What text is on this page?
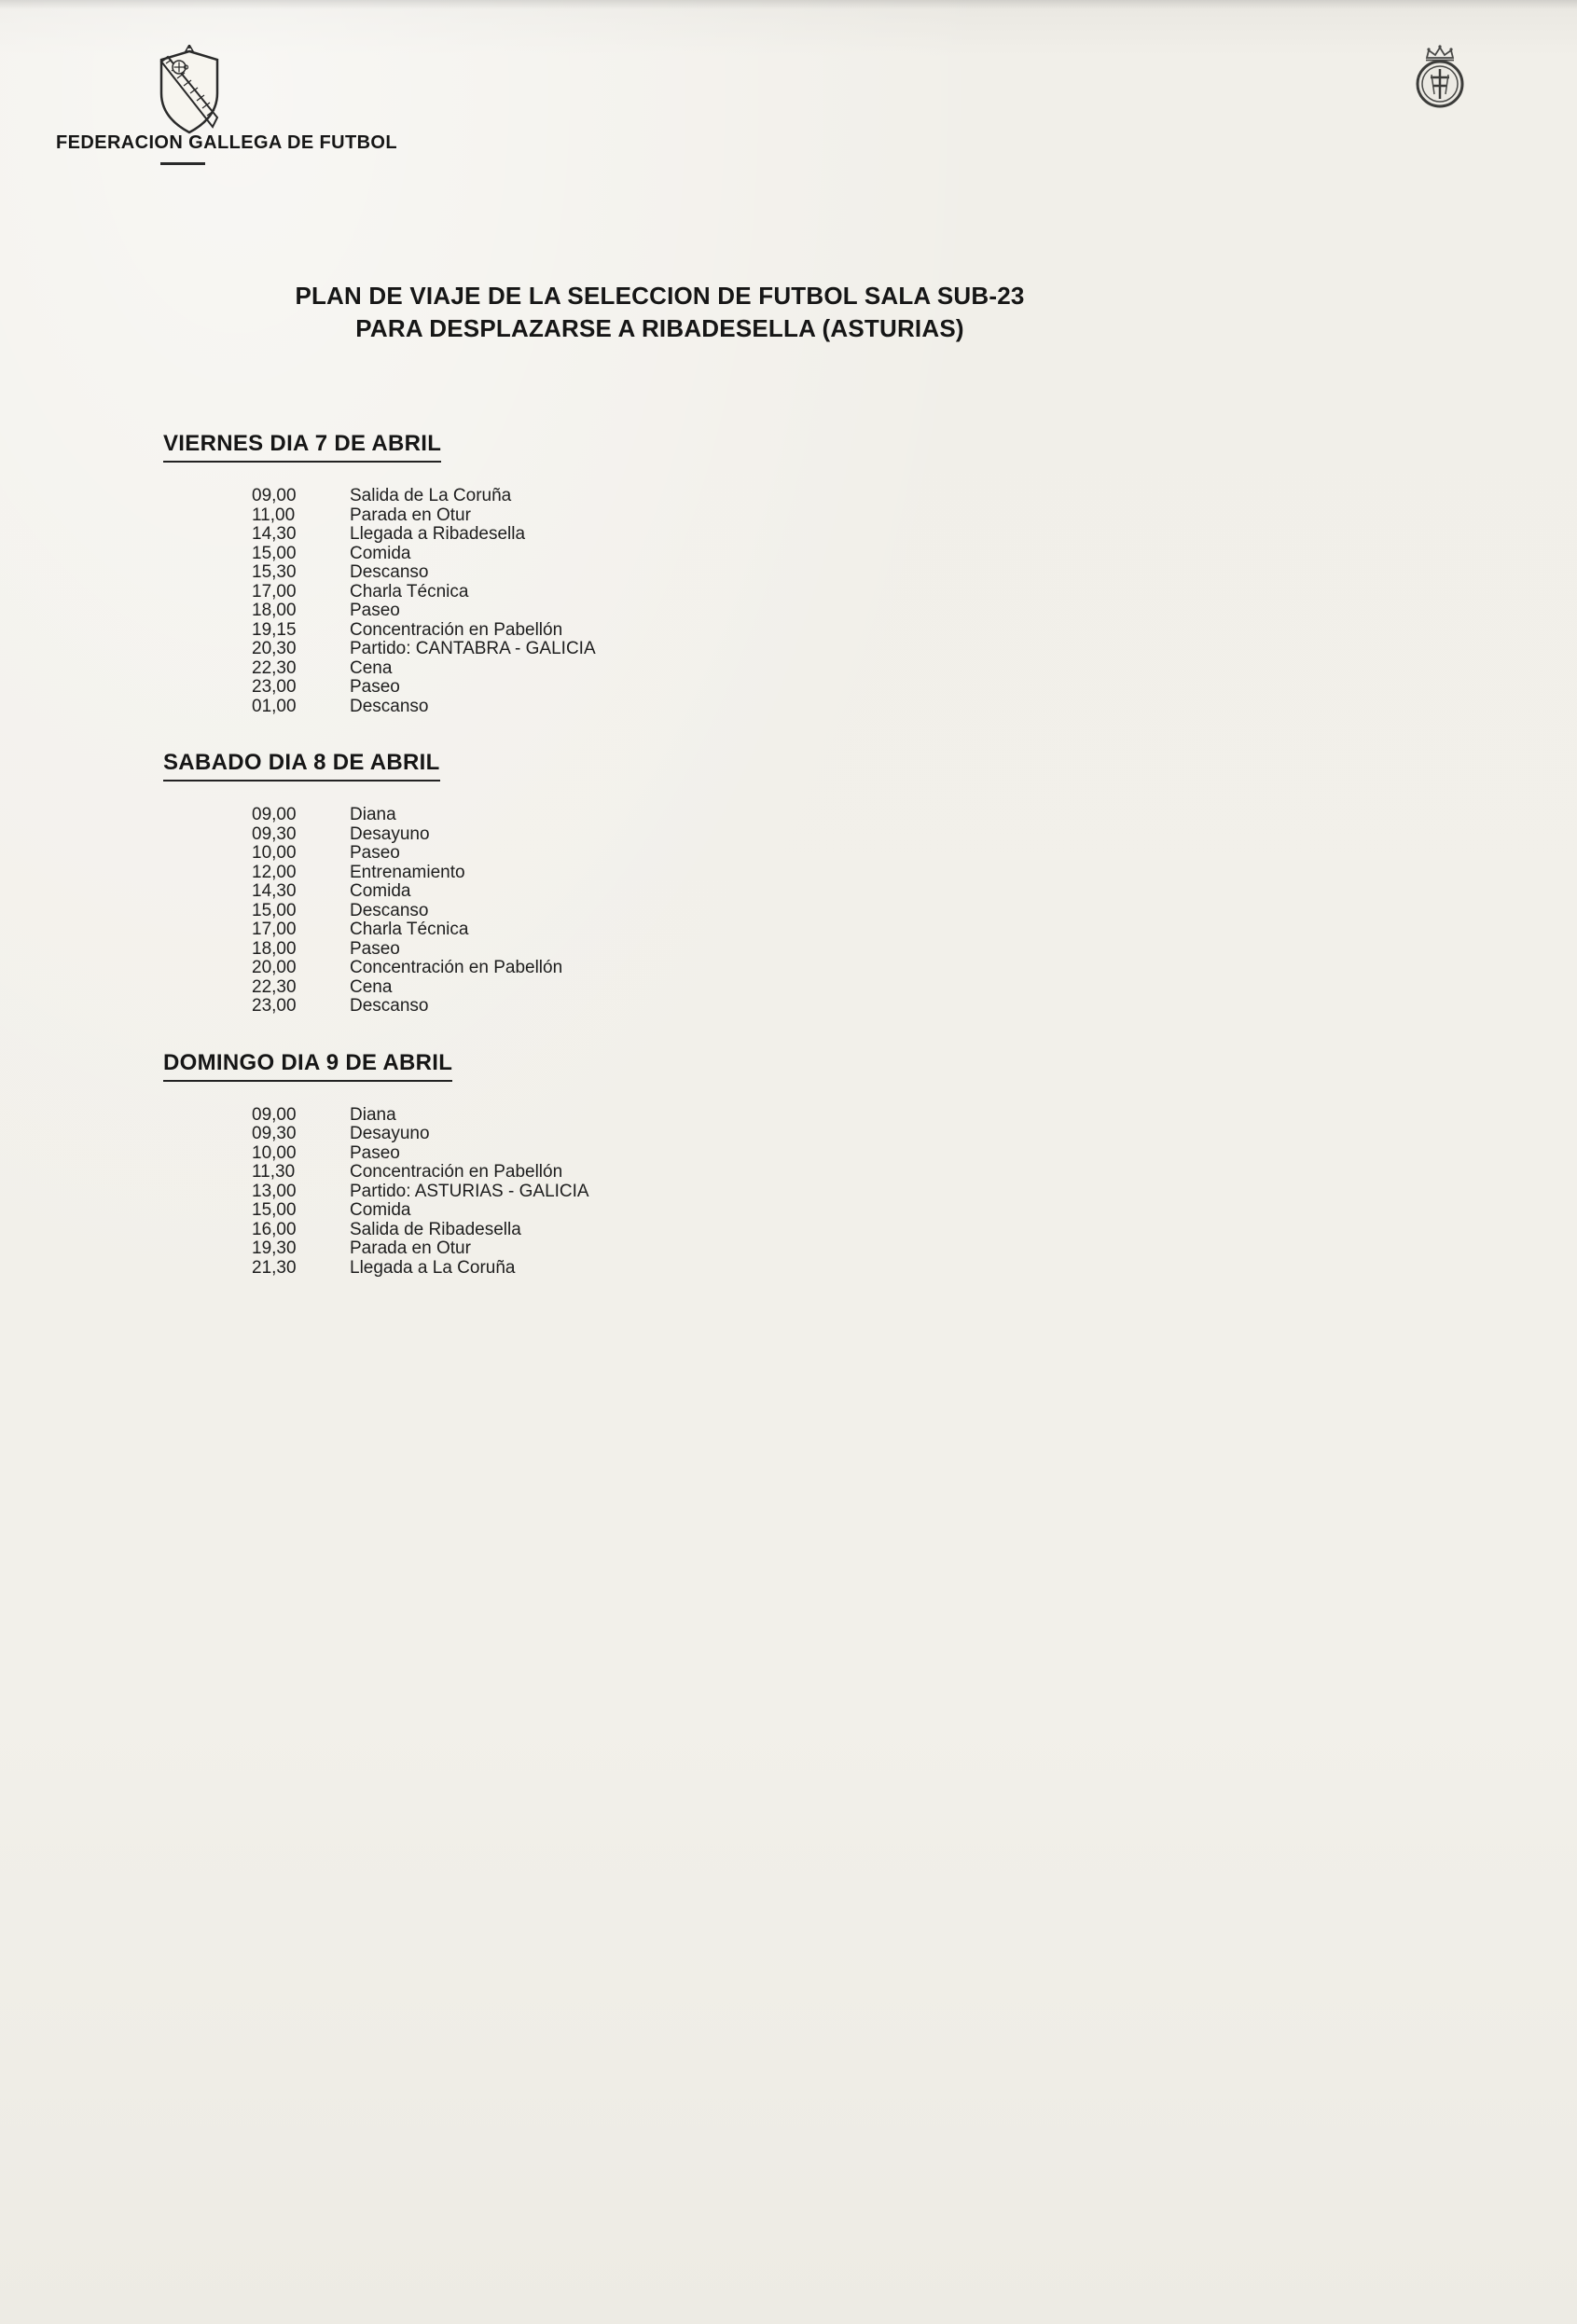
FEDERACION GALLEGA DE FUTBOL
PLAN DE VIAJE DE LA SELECCION DE FUTBOL SALA SUB-23
PARA DESPLAZARSE A RIBADESELLA (ASTURIAS)
VIERNES DIA 7 DE ABRIL
09,00	Salida de La Coruña
11,00	Parada en Otur
14,30	Llegada a Ribadesella
15,00	Comida
15,30	Descanso
17,00	Charla Técnica
18,00	Paseo
19,15	Concentración en Pabellón
20,30	Partido: CANTABRA - GALICIA
22,30	Cena
23,00	Paseo
01,00	Descanso
SABADO DIA 8 DE ABRIL
09,00	Diana
09,30	Desayuno
10,00	Paseo
12,00	Entrenamiento
14,30	Comida
15,00	Descanso
17,00	Charla Técnica
18,00	Paseo
20,00	Concentración en Pabellón
22,30	Cena
23,00	Descanso
DOMINGO DIA 9 DE ABRIL
09,00	Diana
09,30	Desayuno
10,00	Paseo
11,30	Concentración en Pabellón
13,00	Partido: ASTURIAS - GALICIA
15,00	Comida
16,00	Salida de Ribadesella
19,30	Parada en Otur
21,30	Llegada a La Coruña
